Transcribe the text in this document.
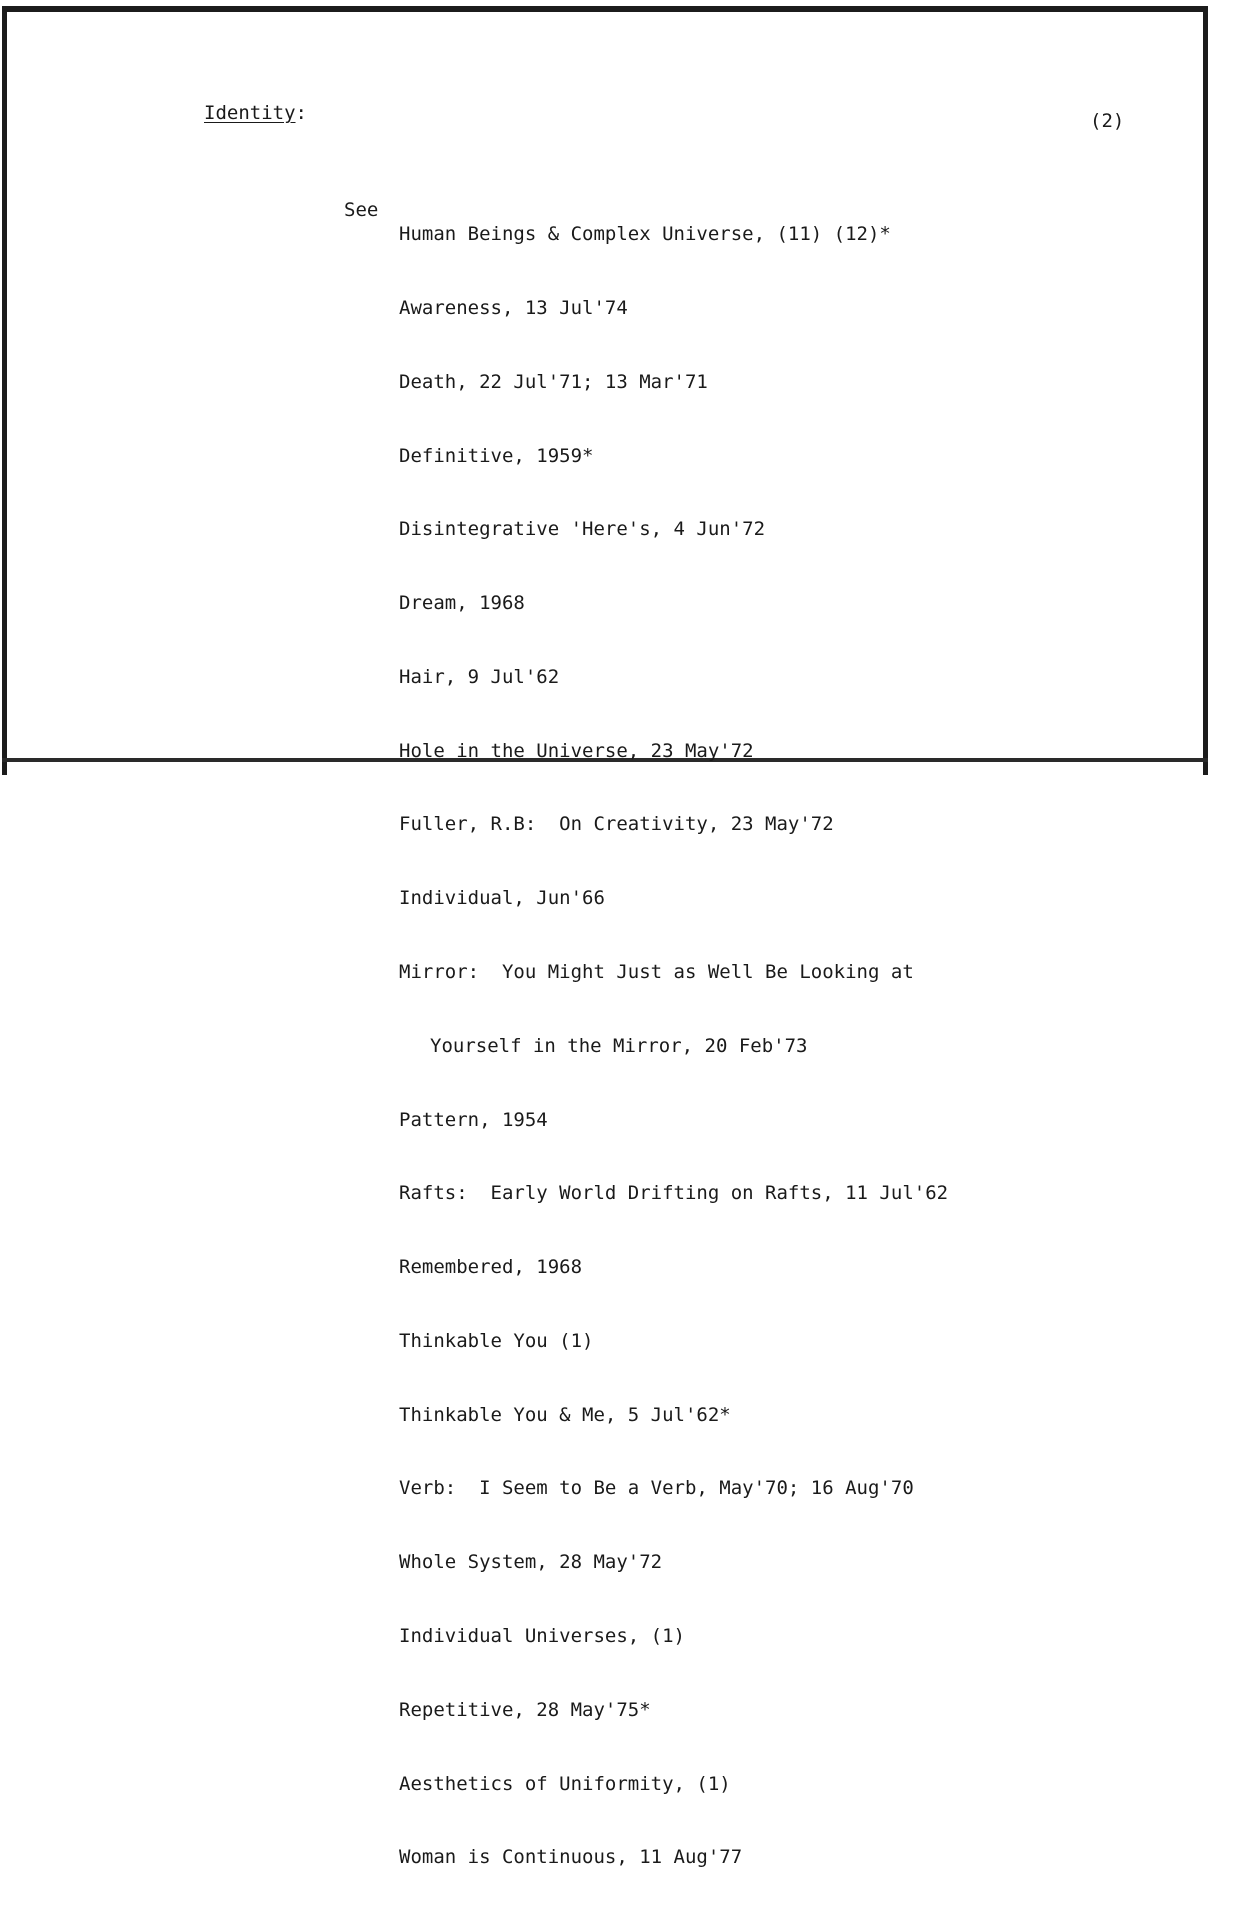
Identity:	(2)
See

Human Beings & Complex Universe, (11) (12)*

Awareness, 13 Jul'74

Death, 22 Jul'71; 13 Mar'71

Definitive, 1959*

Disintegrative 'Here's, 4 Jun'72

Dream, 1968

Hair, 9 Jul'62

Hole in the Universe, 23 May'72

Fuller, R.B:  On Creativity, 23 May'72

Individual, Jun'66

Mirror:  You Might Just as Well Be Looking at

Yourself in the Mirror, 20 Feb'73

Pattern, 1954

Rafts:  Early World Drifting on Rafts, 11 Jul'62

Remembered, 1968

Thinkable You (1)

Thinkable You & Me, 5 Jul'62*

Verb:  I Seem to Be a Verb, May'70; 16 Aug'70

Whole System, 28 May'72

Individual Universes, (1)

Repetitive, 28 May'75*

Aesthetics of Uniformity, (1)

Woman is Continuous, 11 Aug'77
